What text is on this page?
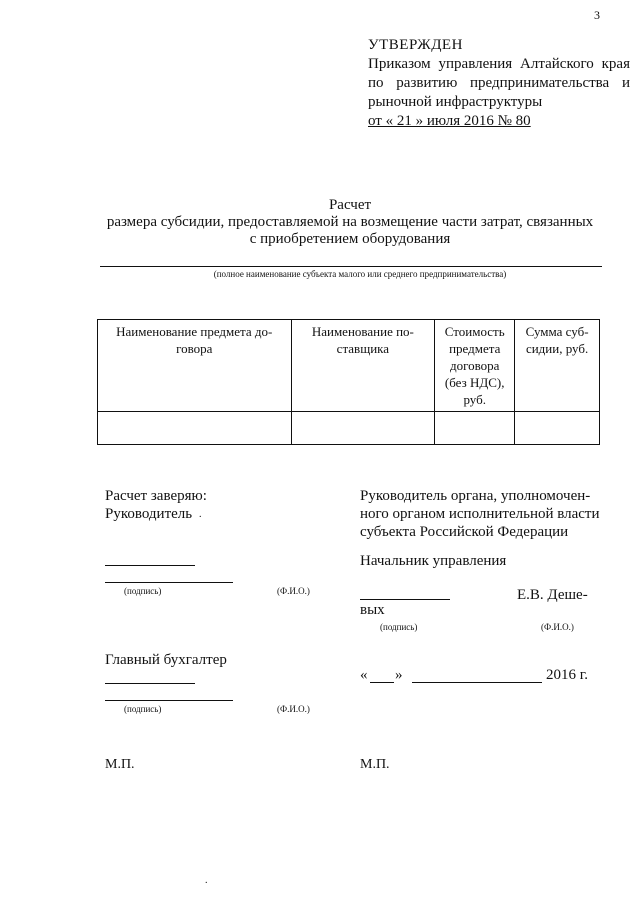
3
УТВЕРЖДЕН
Приказом управления Алтайского края
по развитию предпринимательства и
рыночной инфраструктуры
от « 21 » июля 2016 № 80
Расчет
размера субсидии, предоставляемой на возмещение части затрат, связанных
с приобретением оборудования
(полное наименование субъекта малого или среднего предпринимательства)
Наименование предмета до-говора	Наименование по-ставщика	Стоимость предмета договора (без НДС), руб.	Сумма суб-сидии, руб.

Расчет заверяю:
Руководитель .
(подпись)	(Ф.И.О.)
Главный бухгалтер
(подпись)	(Ф.И.О.)
М.П.
Руководитель органа, уполномочен-
ного органом исполнительной власти
субъекта Российской Федерации
Начальник управления
Е.В. Деше-
вых
(подпись)	(Ф.И.О.)
« »	2016 г.
М.П.
.
